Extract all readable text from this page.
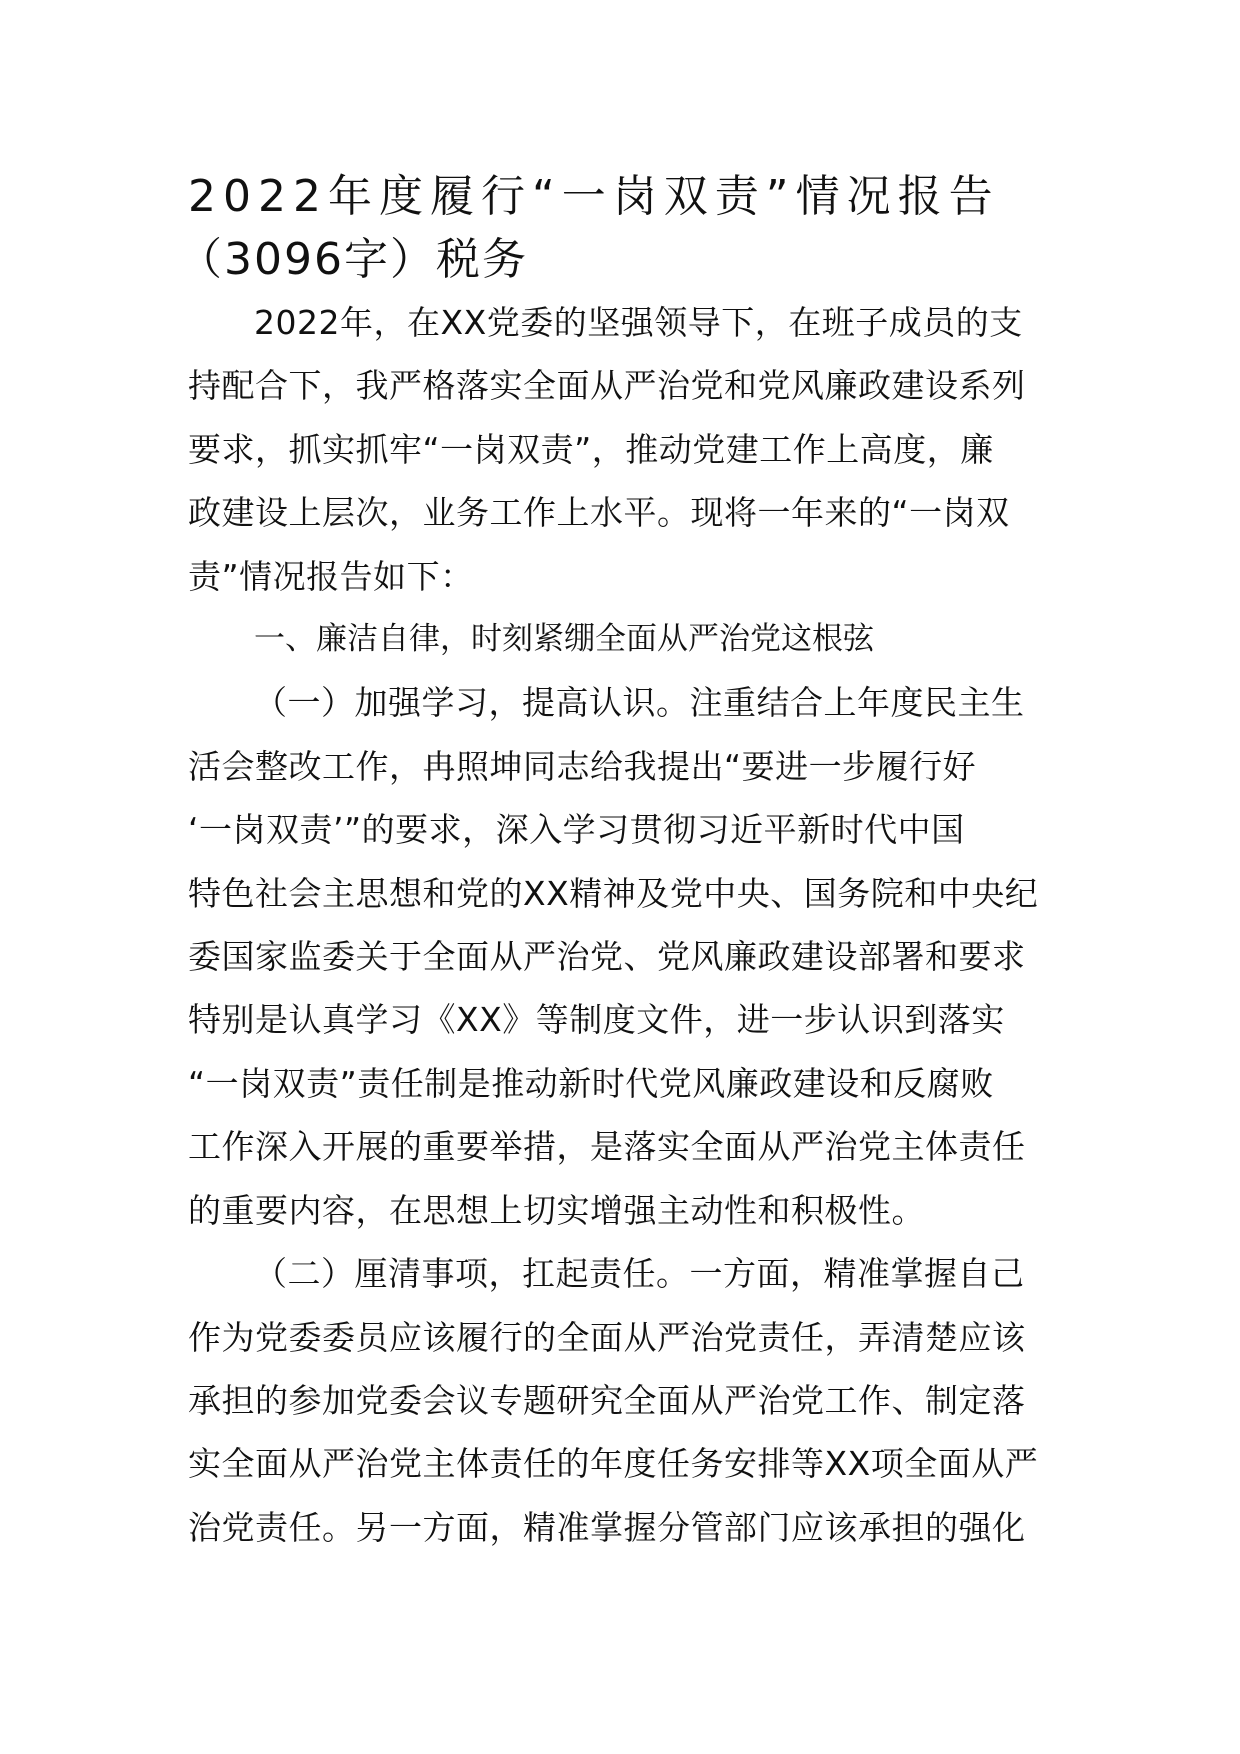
2022年度履行“一岗双责”情况报告
（3096字）税务

2022年，在XX党委的坚强领导下，在班子成员的支
持配合下，我严格落实全面从严治党和党风廉政建设系列
要求，抓实抓牢“一岗双责”，推动党建工作上高度，廉
政建设上层次，业务工作上水平。现将一年来的“一岗双
责”情况报告如下：

一、廉洁自律，时刻紧绷全面从严治党这根弦

（一）加强学习，提高认识。注重结合上年度民主生
活会整改工作，冉照坤同志给我提出“要进一步履行好
‘一岗双责’”的要求，深入学习贯彻习近平新时代中国
特色社会主思想和党的XX精神及党中央、国务院和中央纪
委国家监委关于全面从严治党、党风廉政建设部署和要求
特别是认真学习《XX》等制度文件，进一步认识到落实
“一岗双责”责任制是推动新时代党风廉政建设和反腐败
工作深入开展的重要举措，是落实全面从严治党主体责任
的重要内容，在思想上切实增强主动性和积极性。

（二）厘清事项，扛起责任。一方面，精准掌握自己
作为党委委员应该履行的全面从严治党责任，弄清楚应该
承担的参加党委会议专题研究全面从严治党工作、制定落
实全面从严治党主体责任的年度任务安排等XX项全面从严
治党责任。另一方面，精准掌握分管部门应该承担的强化
